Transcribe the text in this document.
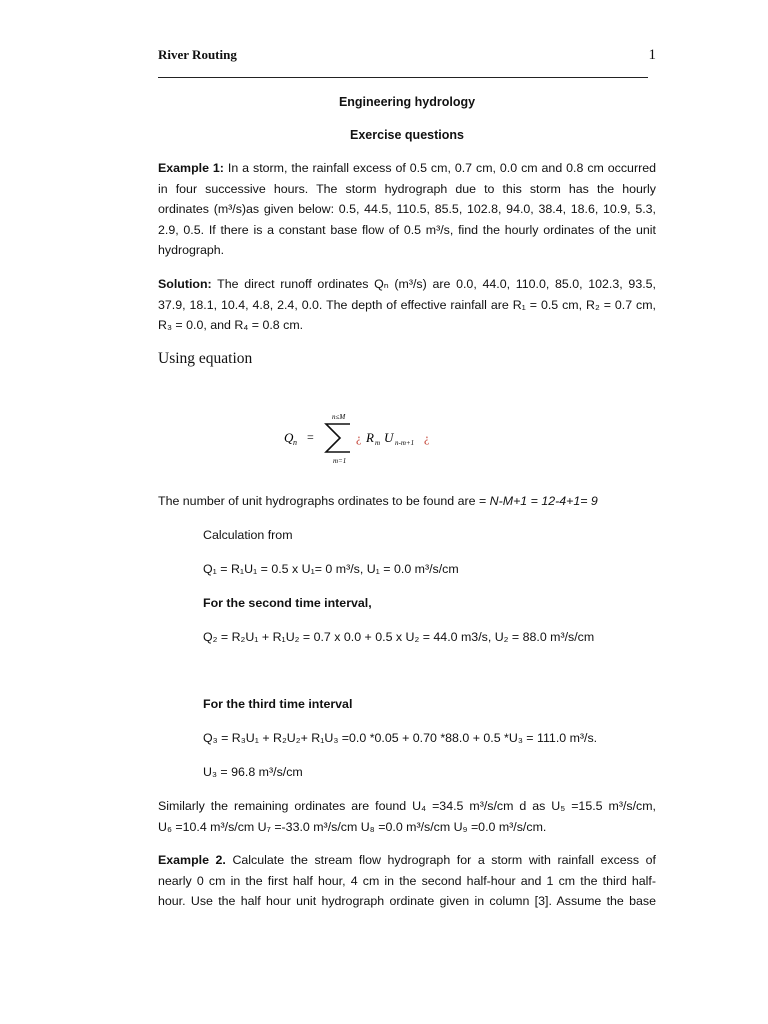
River Routing	1
Engineering hydrology
Exercise questions
Example 1: In a storm, the rainfall excess of 0.5 cm, 0.7 cm, 0.0 cm and 0.8 cm occurred
in four successive hours. The storm hydrograph due to this storm has the hourly
ordinates (m³/s)as given below: 0.5, 44.5, 110.5, 85.5, 102.8, 94.0, 38.4, 18.6, 10.9, 5.3,
2.9, 0.5. If there is a constant base flow of 0.5 m³/s, find the hourly ordinates of the unit
hydrograph.
Solution: The direct runoff ordinates Qₙ (m³/s) are 0.0, 44.0, 110.0, 85.0, 102.3, 93.5,
37.9, 18.1, 10.4, 4.8, 2.4, 0.0. The depth of effective rainfall are R₁ = 0.5 cm, R₂ = 0.7 cm,
R₃ = 0.0, and R₄ = 0.8 cm.
Using equation
Q n =
n≤M
m=1
¿ R m U n-m+1 ¿
The number of unit hydrographs ordinates to be found are = N-M+1 = 12-4+1= 9
Calculation from
Q₁ = R₁U₁ = 0.5 x U₁= 0 m³/s, U₁ = 0.0 m³/s/cm
For the second time interval,
Q₂ = R₂U₁ + R₁U₂ = 0.7 x 0.0 + 0.5 x U₂ = 44.0 m3/s, U₂ = 88.0 m³/s/cm
For the third time interval
Q₃ = R₃U₁ + R₂U₂+ R₁U₃ =0.0 *0.05 + 0.70 *88.0 + 0.5 *U₃ = 111.0 m³/s.
U₃ = 96.8 m³/s/cm
Similarly the remaining ordinates are found U₄ =34.5 m³/s/cm d as U₅ =15.5 m³/s/cm,
U₆ =10.4 m³/s/cm U₇ =-33.0 m³/s/cm U₈ =0.0 m³/s/cm U₉ =0.0 m³/s/cm.
Example 2. Calculate the stream flow hydrograph for a storm with rainfall excess of
nearly 0 cm in the first half hour, 4 cm in the second half-hour and 1 cm the third half-
hour. Use the half hour unit hydrograph ordinate given in column [3]. Assume the base
